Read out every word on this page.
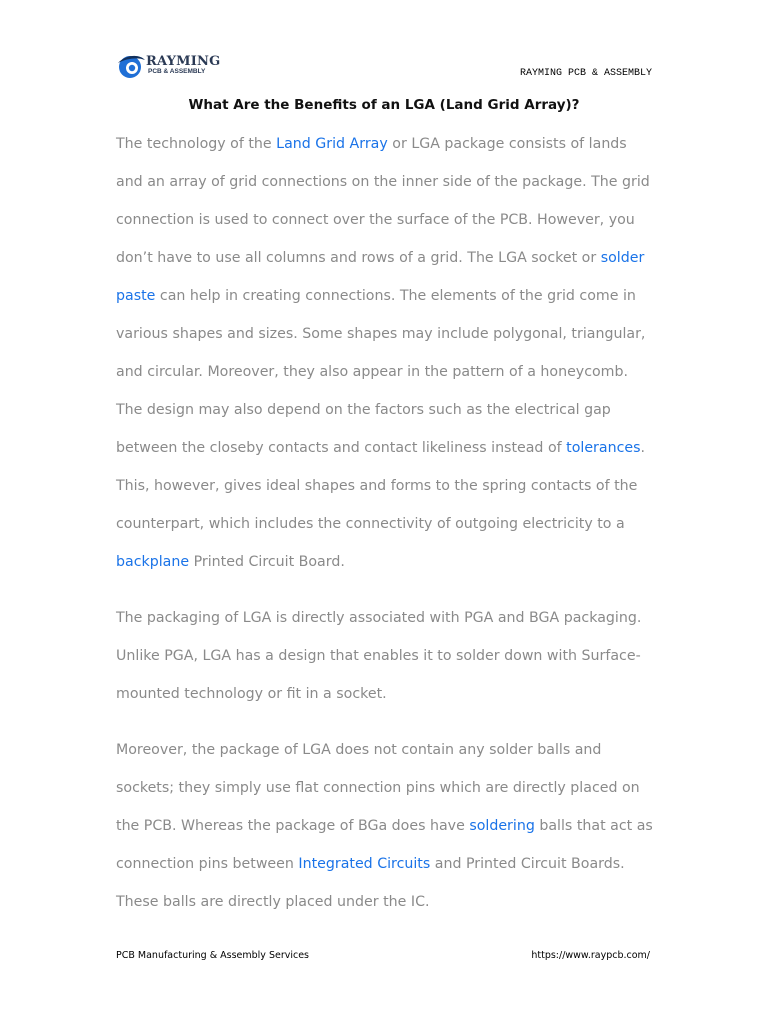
RAYMING
PCB & ASSEMBLY	RAYMING PCB & ASSEMBLY
What Are the Benefits of an LGA (Land Grid Array)?

The technology of the Land Grid Array or LGA package consists of lands and an array of grid connections on the inner side of the package. The grid connection is used to connect over the surface of the PCB. However, you don’t have to use all columns and rows of a grid. The LGA socket or solder paste can help in creating connections. The elements of the grid come in various shapes and sizes. Some shapes may include polygonal, triangular, and circular. Moreover, they also appear in the pattern of a honeycomb. The design may also depend on the factors such as the electrical gap between the closeby contacts and contact likeliness instead of tolerances. This, however, gives ideal shapes and forms to the spring contacts of the counterpart, which includes the connectivity of outgoing electricity to a backplane Printed Circuit Board.

The packaging of LGA is directly associated with PGA and BGA packaging. Unlike PGA, LGA has a design that enables it to solder down with Surface-mounted technology or fit in a socket.

Moreover, the package of LGA does not contain any solder balls and sockets; they simply use flat connection pins which are directly placed on the PCB. Whereas the package of BGa does have soldering balls that act as connection pins between Integrated Circuits and Printed Circuit Boards. These balls are directly placed under the IC.

PCB Manufacturing & Assembly Services	https://www.raypcb.com/
